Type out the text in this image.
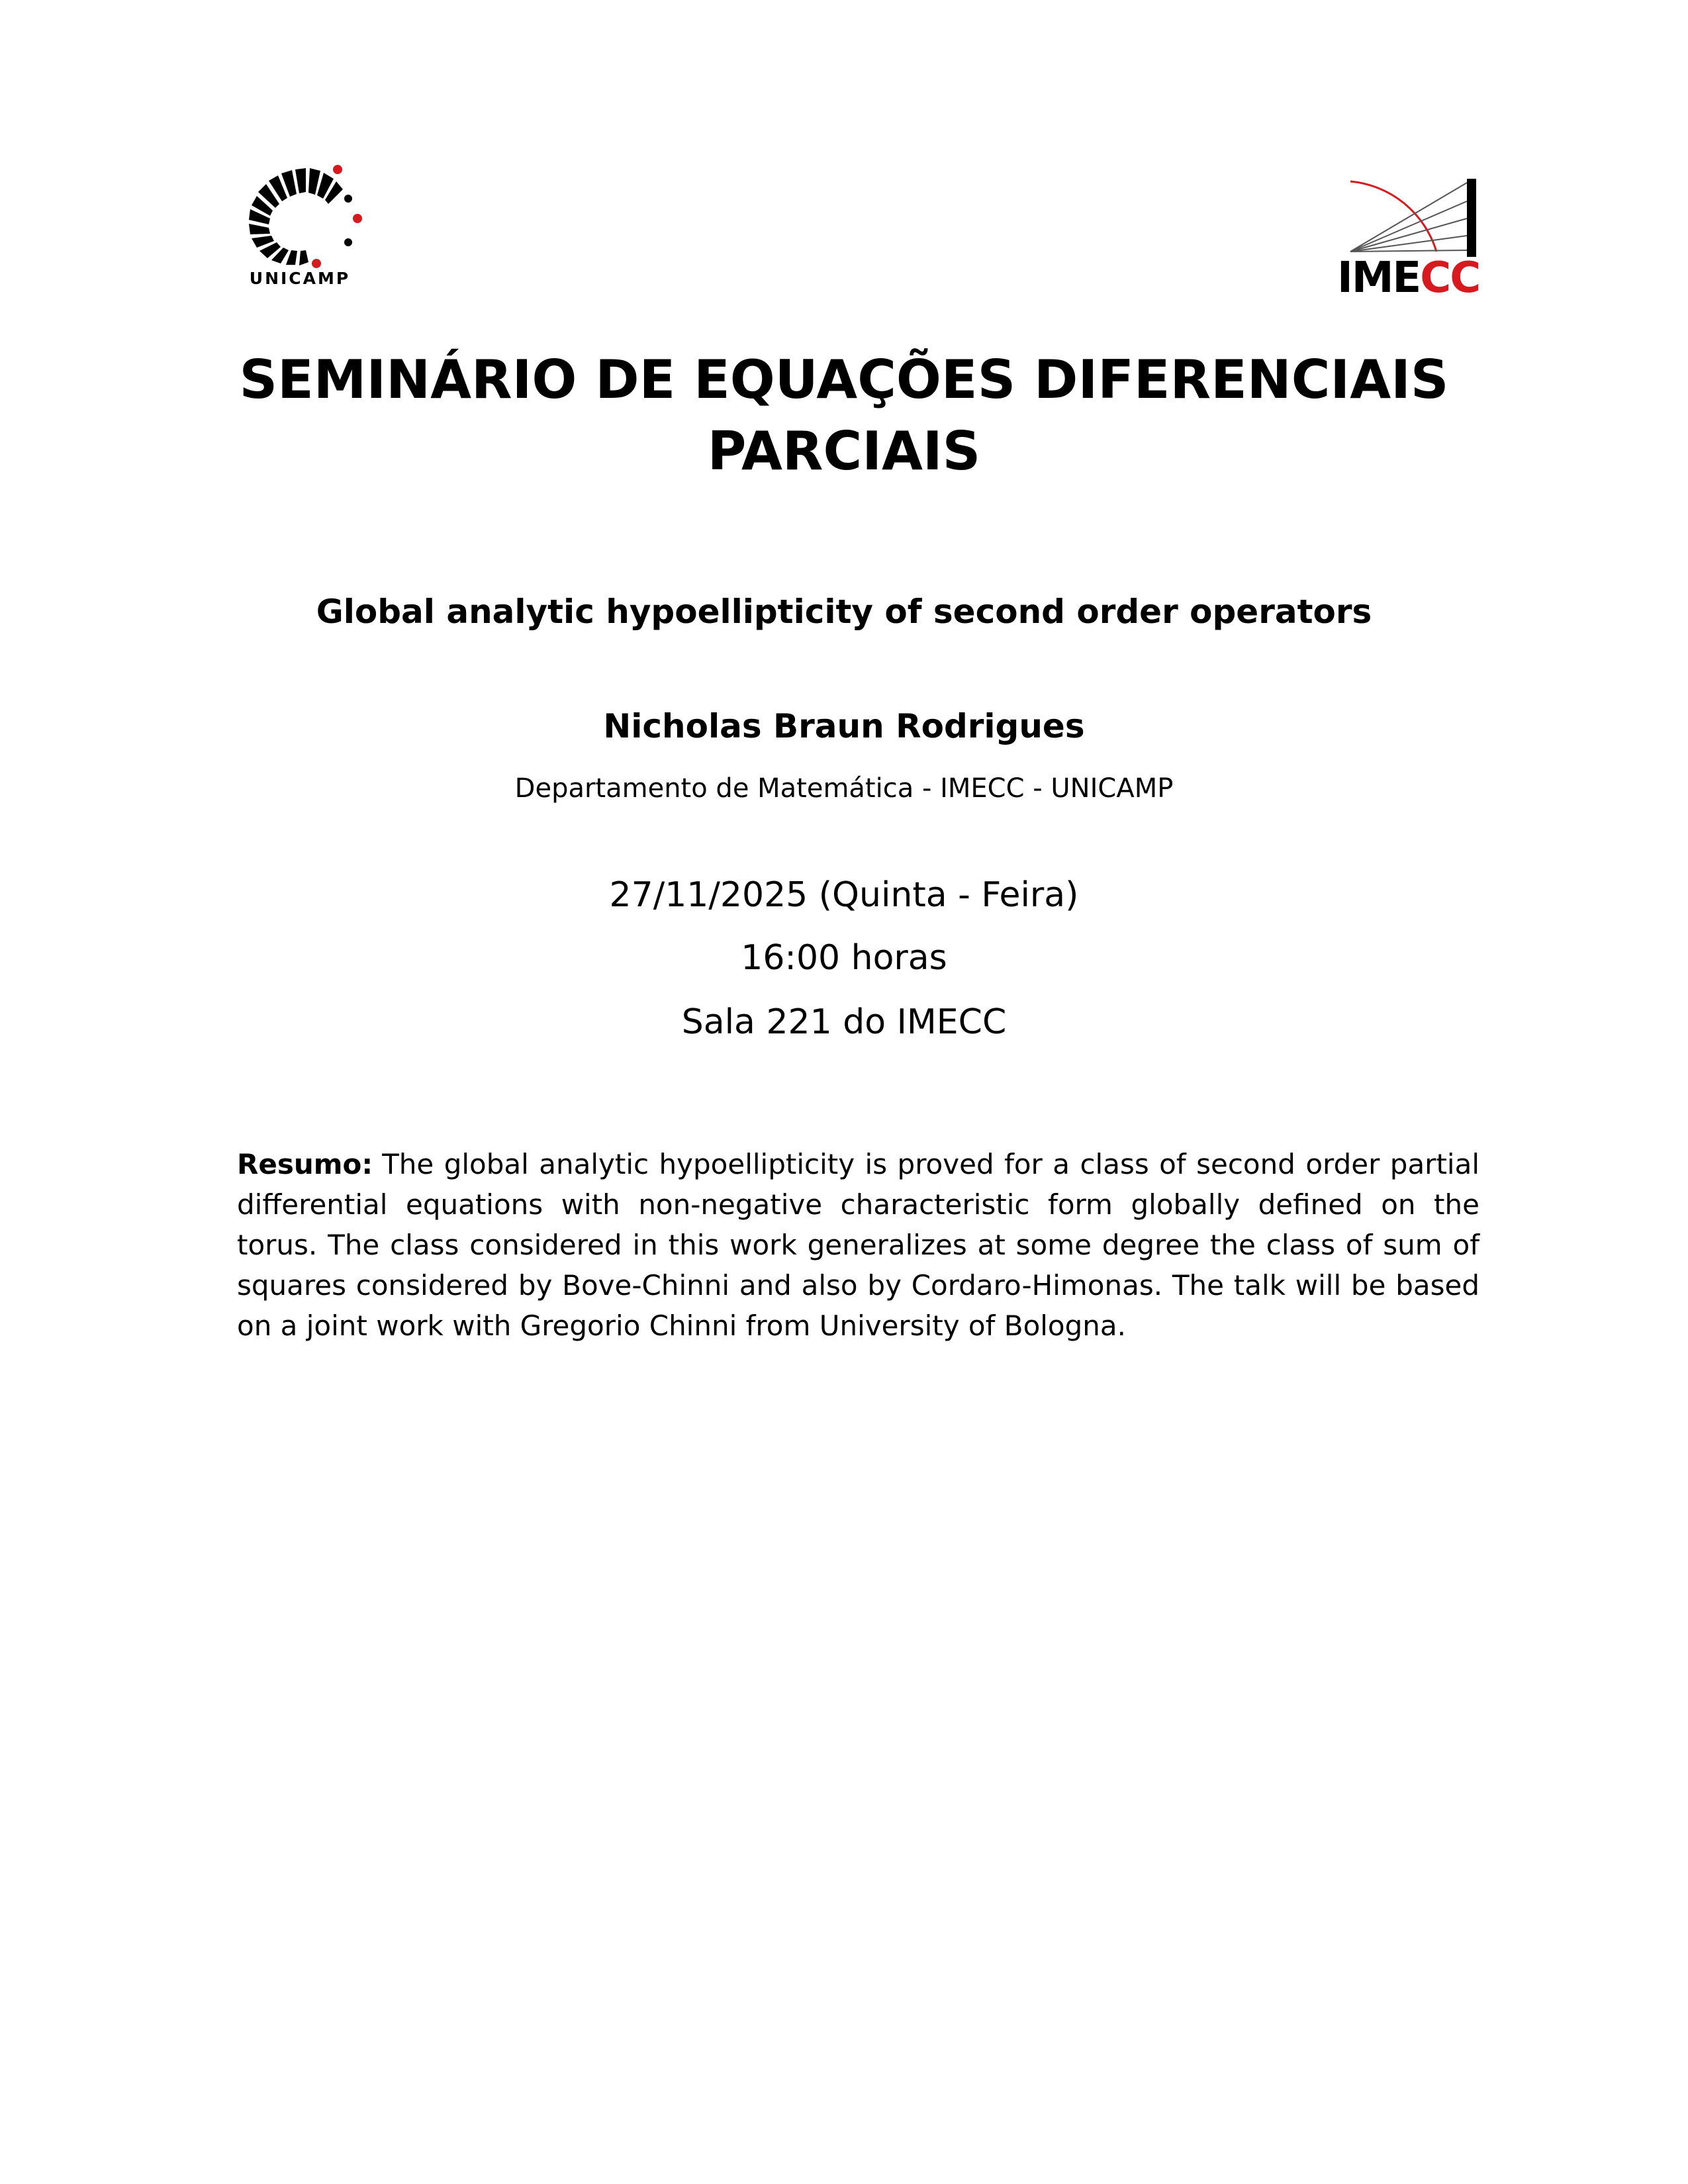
UNICAMP	IMECC
SEMINÁRIO DE EQUAÇÕES DIFERENCIAIS
PARCIAIS
Global analytic hypoellipticity of second order operators
Nicholas Braun Rodrigues
Departamento de Matemática - IMECC - UNICAMP
27/11/2025 (Quinta - Feira)
16:00 horas
Sala 221 do IMECC

Resumo: The global analytic hypoellipticity is proved for a class of second order partial differential equations with non-negative characteristic form globally defined on the torus. The class considered in this work generalizes at some degree the class of sum of squares considered by Bove-Chinni and also by Cordaro-Himonas. The talk will be based on a joint work with Gregorio Chinni from University of Bologna.
